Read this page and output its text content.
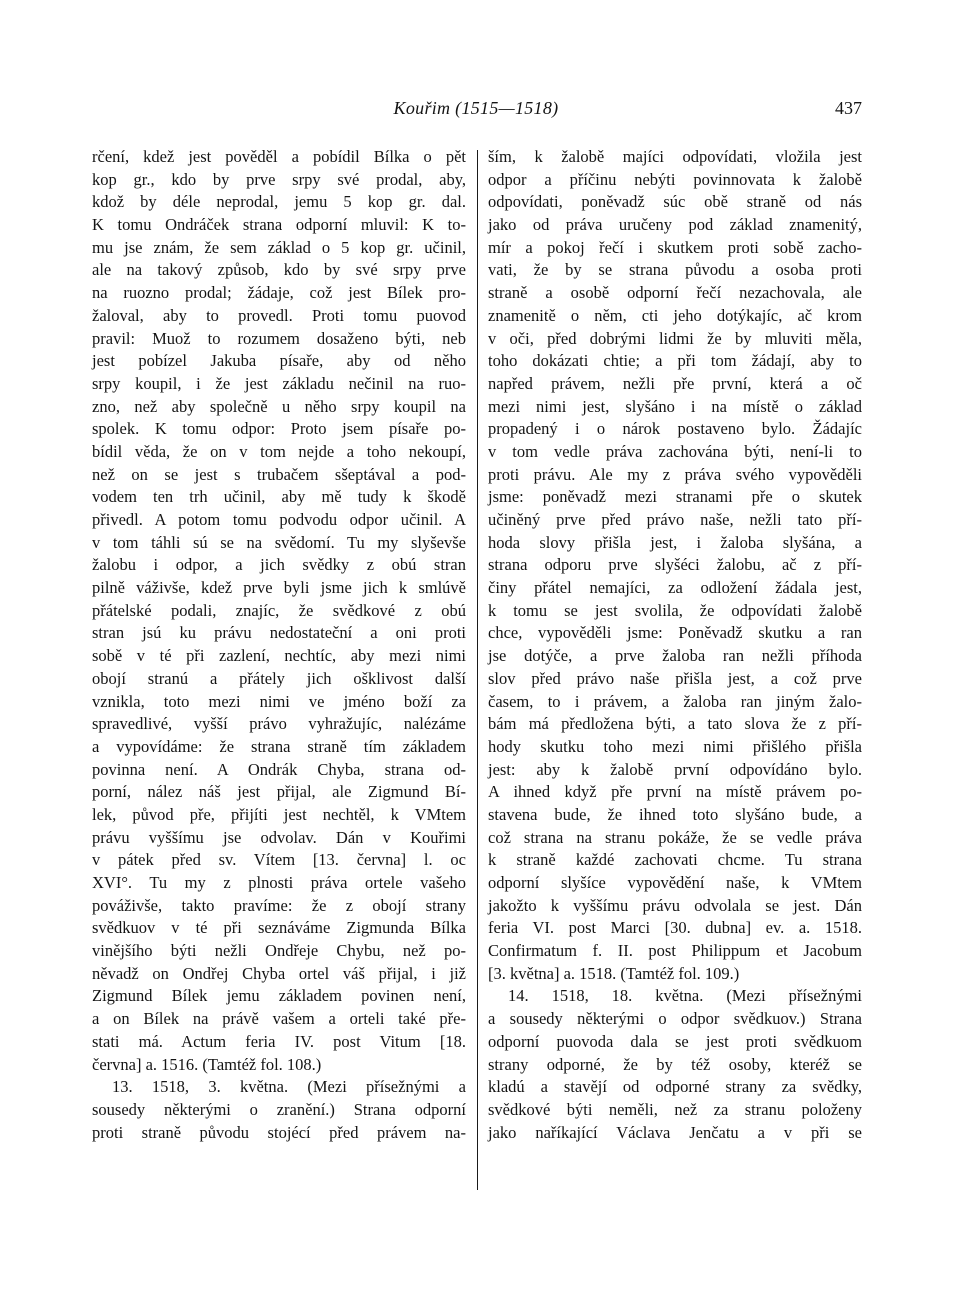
Kouřim (1515—1518)	437
rčení, kdež jest pověděl a pobídil Bílka o pět
kop gr., kdo by prve srpy své prodal, aby,
kdož by déle neprodal, jemu 5 kop gr. dal.
K tomu Ondráček strana odporní mluvil: K to-
mu jse znám, že sem základ o 5 kop gr. učinil,
ale na takový způsob, kdo by své srpy prve
na ruozno prodal; žádaje, což jest Bílek pro-
žaloval, aby to provedl. Proti tomu puovod
pravil: Muož to rozumem dosaženo býti, neb
jest pobízel Jakuba písaře, aby od něho
srpy koupil, i že jest základu nečinil na ruo-
zno, než aby společně u něho srpy koupil na
spolek. K tomu odpor: Proto jsem písaře po-
bídil věda, že on v tom nejde a toho nekoupí,
než on se jest s trubačem sšeptával a pod-
vodem ten trh učinil, aby mě tudy k škodě
přivedl. A potom tomu podvodu odpor učinil. A
v tom táhli sú se na svědomí. Tu my slyševše
žalobu i odpor, a jich svědky z obú stran
pilně váživše, kdež prve byli jsme jich k smlúvě
přátelské podali, znajíc, že svědkové z obú
stran jsú ku právu nedostateční a oni proti
sobě v té při zazlení, nechtíc, aby mezi nimi
obojí stranú a přátely jich ošklivost další
vznikla, toto mezi nimi ve jméno boží za
spravedlivé, vyšší právo vyhražujíc, nalézáme
a vypovídáme: že strana straně tím základem
povinna není. A Ondrák Chyba, strana od-
porní, nález náš jest přijal, ale Zigmund Bí-
lek, původ pře, přijíti jest nechtěl, k VMtem
právu vyššímu jse odvolav. Dán v Kouřimi
v pátek před sv. Vítem [13. června] l. oc
XVI°. Tu my z plnosti práva ortele vašeho
pováživše, takto pravíme: že z obojí strany
svědkuov v té při seznáváme Zigmunda Bílka
vinějšího býti nežli Ondřeje Chybu, než po-
něvadž on Ondřej Chyba ortel váš přijal, i již
Zigmund Bílek jemu základem povinen není,
a on Bílek na právě vašem a orteli také pře-
stati má. Actum feria IV. post Vitum [18.
června] a. 1516. (Tamtéž fol. 108.)
13. 1518, 3. května. (Mezi přísežnými a
sousedy některými o zranění.) Strana odporní
proti straně původu stojécí před právem na-
ším, k žalobě majíci odpovídati, vložila jest
odpor a příčinu nebýti povinnovata k žalobě
odpovídati, poněvadž súc obě straně od nás
jako od práva uručeny pod základ znamenitý,
mír a pokoj řečí i skutkem proti sobě zacho-
vati, že by se strana původu a osoba proti
straně a osobě odporní řečí nezachovala, ale
znamenitě o něm, cti jeho dotýkajíc, ač krom
v oči, před dobrými lidmi že by mluviti měla,
toho dokázati chtie; a při tom žádají, aby to
napřed právem, nežli pře první, která a oč
mezi nimi jest, slyšáno i na místě o základ
propadený i o nárok postaveno bylo. Žádajíc
v tom vedle práva zachována býti, není-li to
proti právu. Ale my z práva svého vypověděli
jsme: poněvadž mezi stranami pře o skutek
učiněný prve před právo naše, nežli tato pří-
hoda slovy přišla jest, i žaloba slyšána, a
strana odporu prve slyšéci žalobu, ač z pří-
činy přátel nemajíci, za odložení žádala jest,
k tomu se jest svolila, že odpovídati žalobě
chce, vypověděli jsme: Poněvadž skutku a ran
jse dotýče, a prve žaloba ran nežli příhoda
slov před právo naše přišla jest, a což prve
časem, to i právem, a žaloba ran jiným žalo-
bám má předložena býti, a tato slova že z pří-
hody skutku toho mezi nimi přišlého přišla
jest: aby k žalobě první odpovídáno bylo.
A ihned když pře první na místě právem po-
stavena bude, že ihned toto slyšáno bude, a
což strana na stranu pokáže, že se vedle práva
k straně každé zachovati chcme. Tu strana
odporní slyšíce vypovědění naše, k VMtem
jakožto k vyššímu právu odvolala se jest. Dán
feria VI. post Marci [30. dubna] ev. a. 1518.
Confirmatum f. II. post Philippum et Jacobum
[3. května] a. 1518. (Tamtéž fol. 109.)
14. 1518, 18. května. (Mezi přísežnými
a sousedy některými o odpor svědkuov.) Strana
odporní puovoda dala se jest proti svědkuom
strany odporné, že by též osoby, kteréž se
kladú a stavějí od odporné strany za svědky,
svědkové býti neměli, než za stranu položeny
jako naříkající Václava Jenčatu a v při se
